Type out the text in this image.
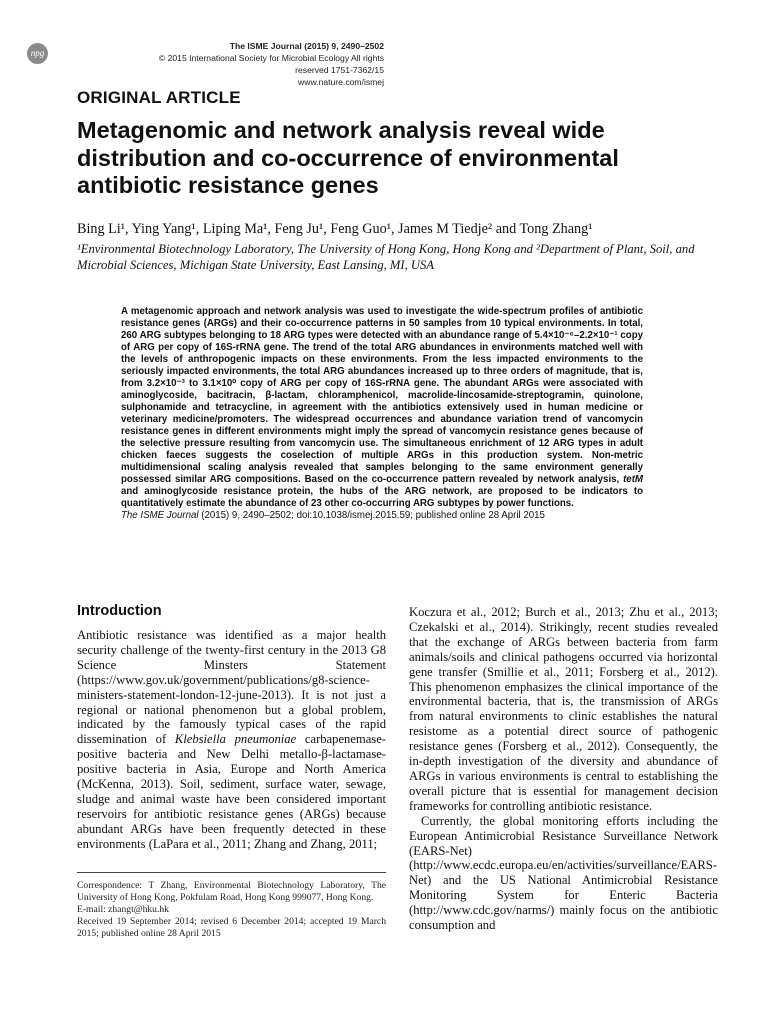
npg
The ISME Journal (2015) 9, 2490–2502
© 2015 International Society for Microbial Ecology All rights reserved 1751-7362/15
www.nature.com/ismej
ORIGINAL ARTICLE
Metagenomic and network analysis reveal wide distribution and co-occurrence of environmental antibiotic resistance genes
Bing Li¹, Ying Yang¹, Liping Ma¹, Feng Ju¹, Feng Guo¹, James M Tiedje² and Tong Zhang¹
¹Environmental Biotechnology Laboratory, The University of Hong Kong, Hong Kong and ²Department of Plant, Soil, and Microbial Sciences, Michigan State University, East Lansing, MI, USA
A metagenomic approach and network analysis was used to investigate the wide-spectrum profiles of antibiotic resistance genes (ARGs) and their co-occurrence patterns in 50 samples from 10 typical environments. In total, 260 ARG subtypes belonging to 18 ARG types were detected with an abundance range of 5.4×10⁻⁶–2.2×10⁻¹ copy of ARG per copy of 16S-rRNA gene. The trend of the total ARG abundances in environments matched well with the levels of anthropogenic impacts on these environments. From the less impacted environments to the seriously impacted environments, the total ARG abundances increased up to three orders of magnitude, that is, from 3.2×10⁻³ to 3.1×10⁰ copy of ARG per copy of 16S-rRNA gene. The abundant ARGs were associated with aminoglycoside, bacitracin, β-lactam, chloramphenicol, macrolide-lincosamide-streptogramin, quinolone, sulphonamide and tetracycline, in agreement with the antibiotics extensively used in human medicine or veterinary medicine/promoters. The widespread occurrences and abundance variation trend of vancomycin resistance genes in different environments might imply the spread of vancomycin resistance genes because of the selective pressure resulting from vancomycin use. The simultaneous enrichment of 12 ARG types in adult chicken faeces suggests the coselection of multiple ARGs in this production system. Non-metric multidimensional scaling analysis revealed that samples belonging to the same environment generally possessed similar ARG compositions. Based on the co-occurrence pattern revealed by network analysis, tetM and aminoglycoside resistance protein, the hubs of the ARG network, are proposed to be indicators to quantitatively estimate the abundance of 23 other co-occurring ARG subtypes by power functions.
The ISME Journal (2015) 9, 2490–2502; doi:10.1038/ismej.2015.59; published online 28 April 2015
Introduction

Antibiotic resistance was identified as a major health security challenge of the twenty-first century in the 2013 G8 Science Minsters Statement (https://www.gov.uk/government/publications/g8-science-ministers-statement-london-12-june-2013). It is not just a regional or national phenomenon but a global problem, indicated by the famously typical cases of the rapid dissemination of Klebsiella pneumoniae carbapenemase-positive bacteria and New Delhi metallo-β-lactamase-positive bacteria in Asia, Europe and North America (McKenna, 2013). Soil, sediment, surface water, sewage, sludge and animal waste have been considered important reservoirs for antibiotic resistance genes (ARGs) because abundant ARGs have been frequently detected in these environments (LaPara et al., 2011; Zhang and Zhang, 2011;

Koczura et al., 2012; Burch et al., 2013; Zhu et al., 2013; Czekalski et al., 2014). Strikingly, recent studies revealed that the exchange of ARGs between bacteria from farm animals/soils and clinical pathogens occurred via horizontal gene transfer (Smillie et al., 2011; Forsberg et al., 2012). This phenomenon emphasizes the clinical importance of the environmental bacteria, that is, the transmission of ARGs from natural environments to clinic establishes the natural resistome as a potential direct source of pathogenic resistance genes (Forsberg et al., 2012). Consequently, the in-depth investigation of the diversity and abundance of ARGs in various environments is central to establishing the overall picture that is essential for management decision frameworks for controlling antibiotic resistance.

Currently, the global monitoring efforts including the European Antimicrobial Resistance Surveillance Network (EARS-Net) (http://www.ecdc.europa.eu/en/activities/surveillance/EARS-Net) and the US National Antimicrobial Resistance Monitoring System for Enteric Bacteria (http://www.cdc.gov/narms/) mainly focus on the antibiotic consumption and

Correspondence: T Zhang, Environmental Biotechnology Laboratory, The University of Hong Kong, Pokfulam Road, Hong Kong 999077, Hong Kong.

E-mail: zhangt@hku.hk

Received 19 September 2014; revised 6 December 2014; accepted 19 March 2015; published online 28 April 2015
